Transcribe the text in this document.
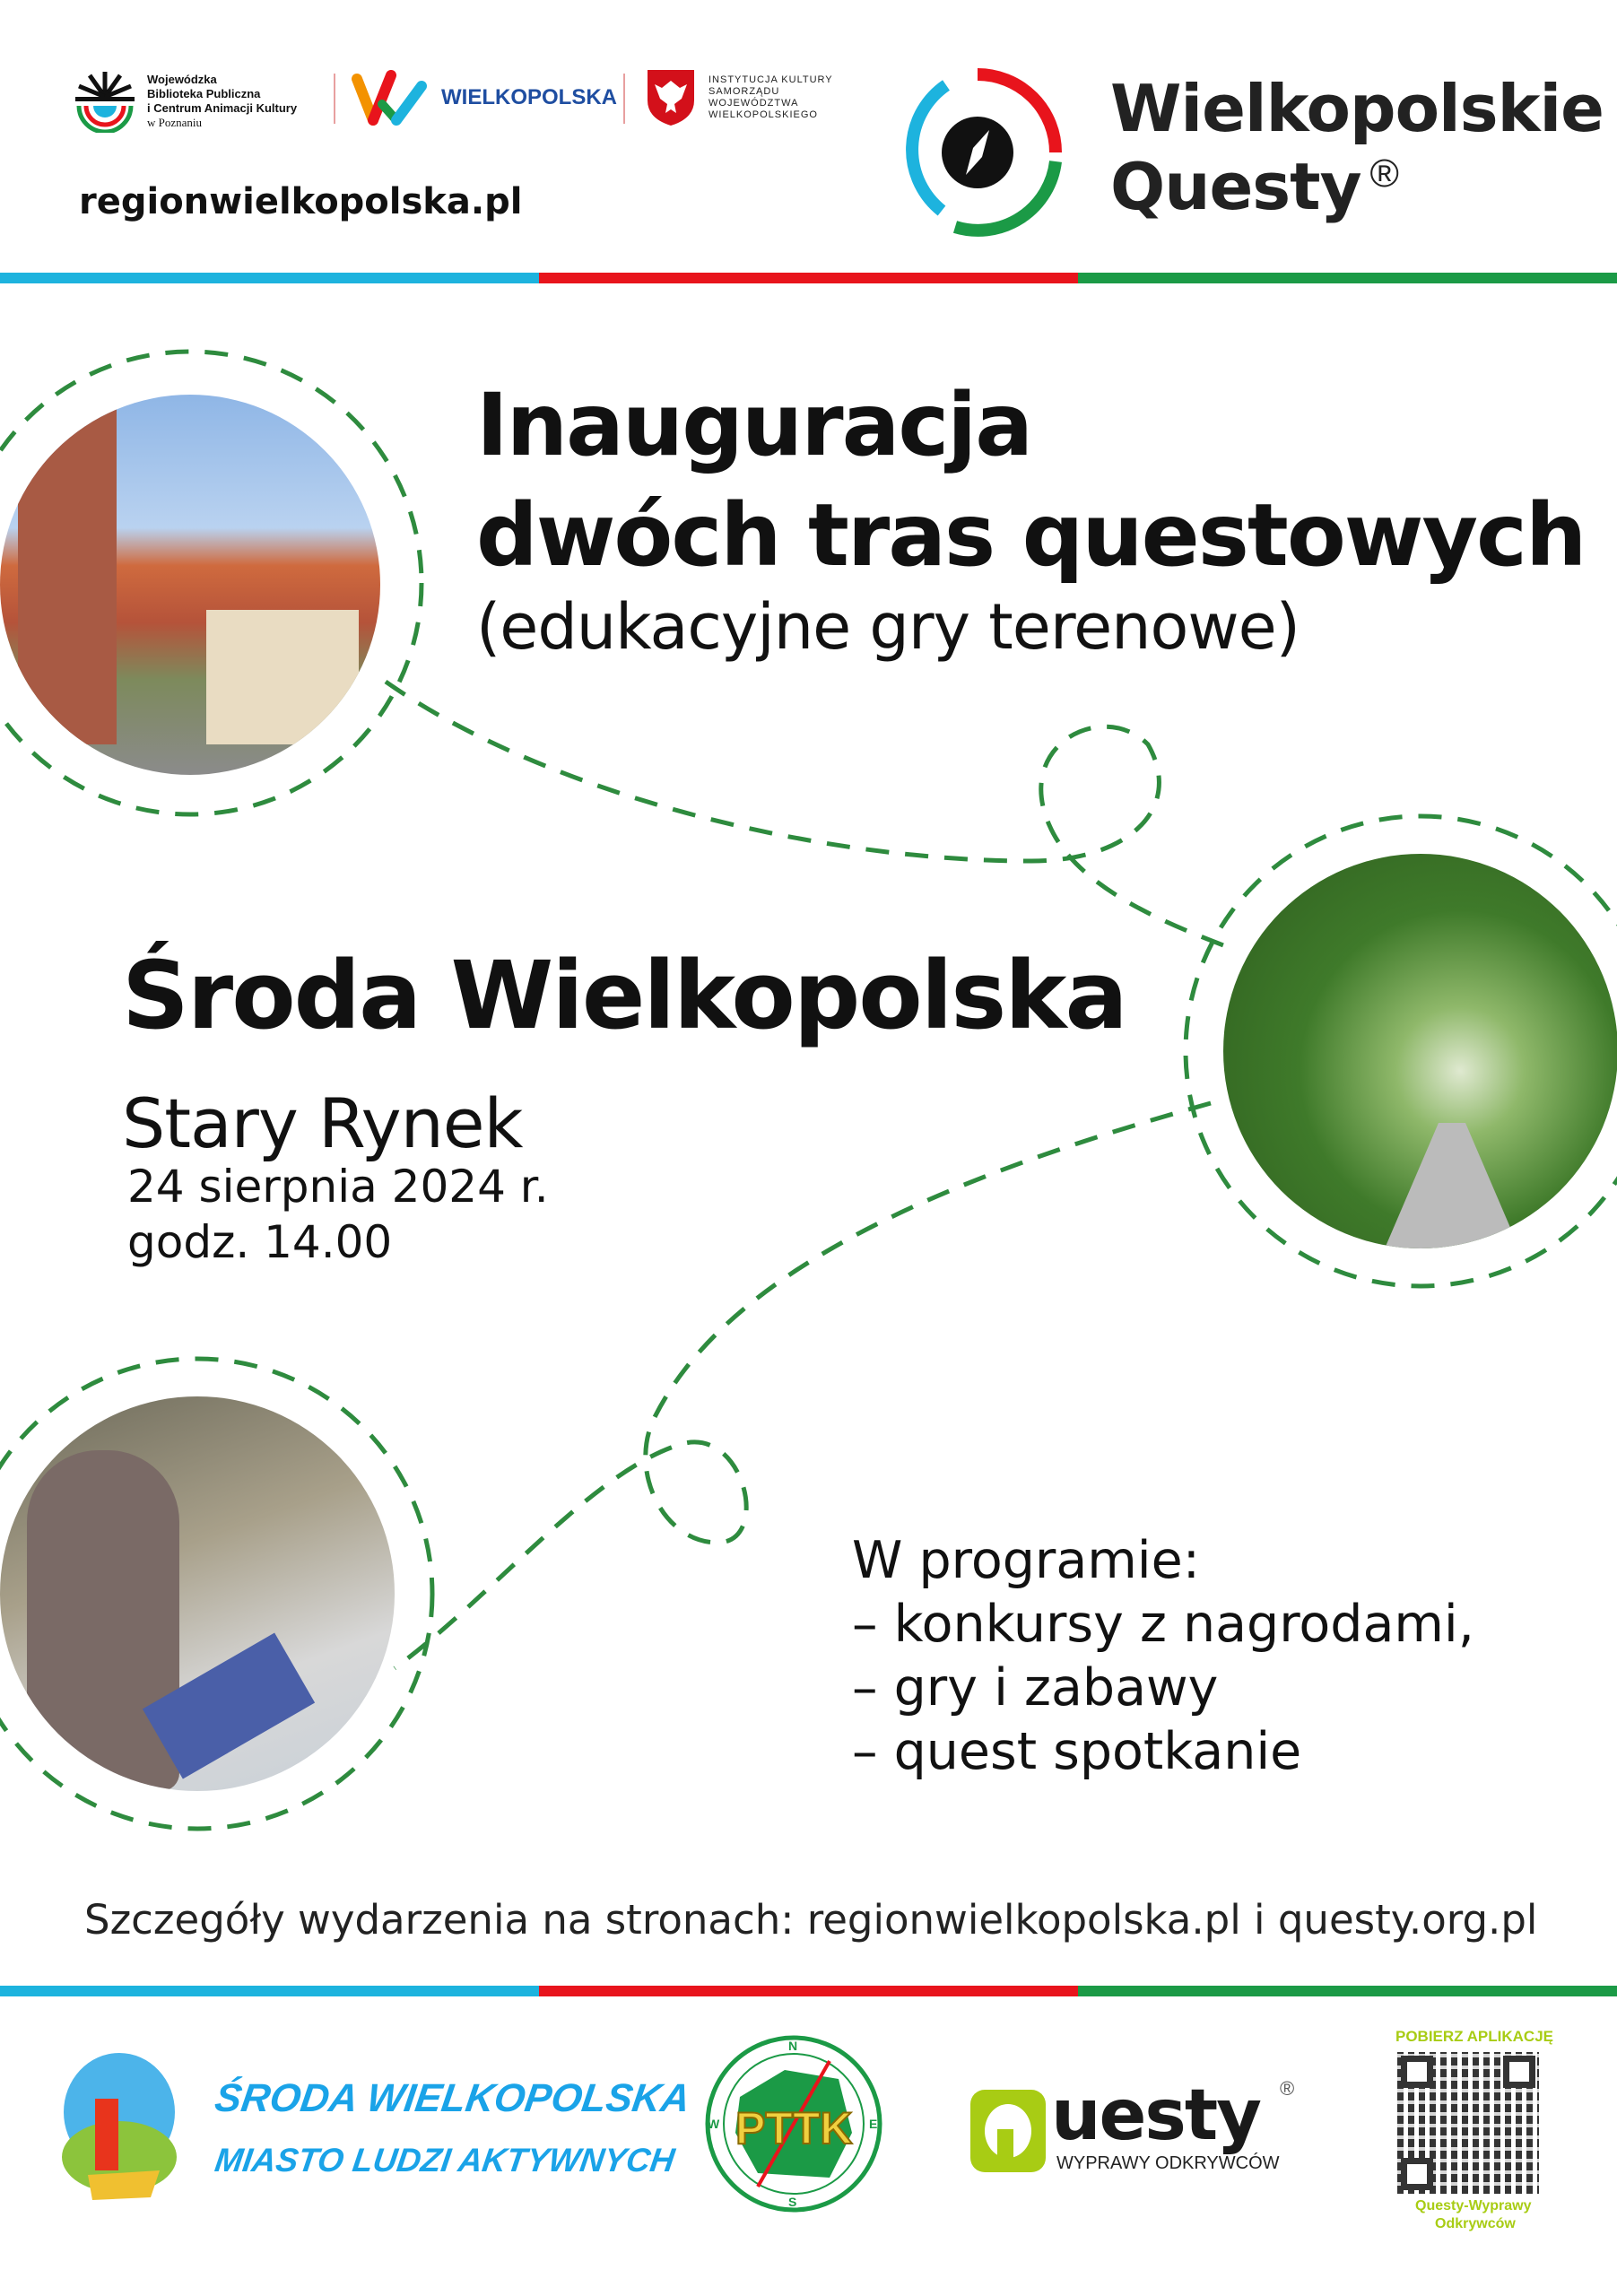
Wojewódzka
Biblioteka Publiczna
i Centrum Animacji Kultury
w Poznaniu
WIELKOPOLSKA
INSTYTUCJA KULTURY
SAMORZĄDU
WOJEWÓDZTWA
WIELKOPOLSKIEGO
regionwielkopolska.pl
Wielkopolskie
Questy ®
Inauguracja
dwóch tras questowych
(edukacyjne gry terenowe)
Środa Wielkopolska
Stary Rynek
24 sierpnia 2024 r.
godz. 14.00
W programie:
– konkursy z nagrodami,
– gry i zabawy
– quest spotkanie
Szczegóły wydarzenia na stronach: regionwielkopolska.pl i questy.org.pl
ŚRODA WIELKOPOLSKA
MIASTO LUDZI AKTYWNYCH
PTTK
N
S
W	E uesty ®
WYPRAWY ODKRYWCÓW
POBIERZ APLIKACJĘ
Questy-Wyprawy
Odkrywców
